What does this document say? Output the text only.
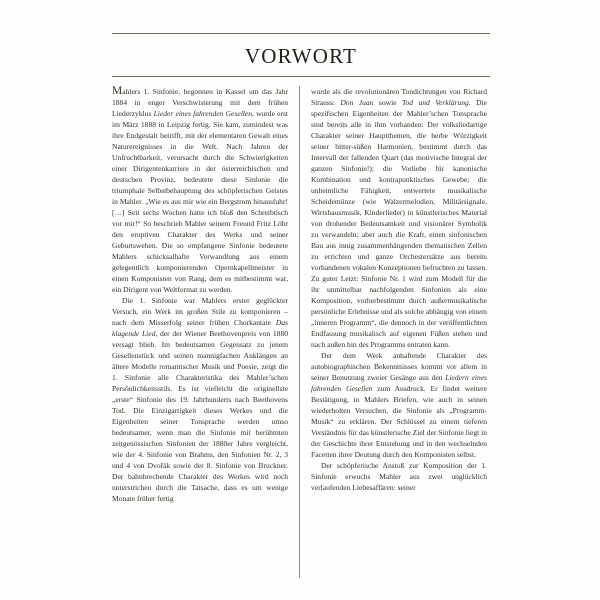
VORWORT

Mahlers 1. Sinfonie, begonnen in Kassel um das Jahr 1884 in enger Verschwisterung mit dem frühen Liederzyklus Lieder eines fahrenden Gesellen, wurde erst im März 1888 in Leipzig fertig. Sie kam, zumindest was ihre Endgestalt betrifft, mit der elementaren Gewalt eines Naturereignisses in die Welt. Nach Jahren der Unfruchtbarkeit, verursacht durch die Schwierigkeiten einer Dirigentenkarriere in der österreichischen und deutschen Provinz, bedeutete diese Sinfonie die triumphale Selbstbehauptung des schöpferischen Geistes in Mahler. „Wie es aus mir wie ein Bergstrom hinausfuhr! […] Seit sechs Wochen hatte ich bloß den Schreibtisch vor mir!“ So beschrieb Mahler seinem Freund Fritz Löhr den eruptiven Charakter des Werks und seiner Geburtswehen. Die so empfangene Sinfonie bedeutete Mahlers schicksalhafte Verwandlung aus einem gelegentlich komponierenden Opernkapellmeister in einen Komponisten von Rang, dem es mitbestimmt war, ein Dirigent von Weltformat zu werden.

Die 1. Sinfonie war Mahlers erster geglückter Versuch, ein Werk im großen Stile zu komponieren – nach dem Misserfolg seiner frühen Chorkantate Das klagende Lied, der der Wiener Beethovenpreis von 1880 versagt blieb. Im bedeutsamen Gegensatz zu jenem Gesellenstück und seinen mannigfachen Anklängen an ältere Modelle romantischer Musik und Poesie, zeigt die 1. Sinfonie alle Charakteristika des Mahler’schen Persönlichkeitsstils. Es ist vielleicht die originellste „erste“ Sinfonie des 19. Jahrhunderts nach Beethovens Tod. Die Einzigartigkeit dieses Werkes und die Eigenheiten seiner Tonsprache werden umso bedeutsamer, wenn man die Sinfonie mit berühmten zeitgenössischen Sinfonien der 1880er Jahre vergleicht, wie der 4. Sinfonie von Brahms, den Sinfonien Nr. 2, 3 und 4 von Dvořák sowie der 8. Sinfonie von Bruckner. Der bahnbrechende Charakter des Werkes wird noch unterstrichen durch die Tatsache, dass es um wenige Monate früher fertig

wurde als die revolutionären Tondichtungen von Richard Strauss: Don Juan sowie Tod und Verklärung. Die spezifischen Eigenheiten der Mahler’schen Tonsprache sind bereits alle in ihm vorhanden: Der volksliedartige Charakter seiner Hauptthemen, die herbe Würzigkeit seiner bitter-süßen Harmonien, bestimmt durch das Intervall der fallenden Quart (das motivische Integral der ganzen Sinfonie!); die Vorliebe für kanonische Kombination und kontrapunktisches Gewebe; die unheimliche Fähigkeit, entwertete musikalische Scheidemünze (wie Walzermelodien, Militärsignale, Wirtshausmusik, Kinderlieder) in künstlerisches Material von drohender Bedeutsamkeit und visionärer Symbolik zu verwandeln; aber auch die Kraft, einen sinfonischen Bau aus innig zusammenhängenden thematischen Zellen zu errichten und ganze Orchestersätze aus bereits vorhandenen vokalen Konzeptionen befruchten zu lassen. Zu guter Letzt: Sinfonie Nr. 1 wird zum Modell für die ihr unmittelbar nachfolgenden Sinfonien als eine Komposition, vorherbestimmt durch außermusikalische persönliche Erlebnisse und als solche abhängig von einem „inneren Programm“, die dennoch in der veröffentlichten Endfassung musikalisch auf eigenen Füßen stehen und nach außen hin des Programms entraten kann.

Der dem Werk anhaftende Charakter des autobiographischen Bekenntnisses kommt vor allem in seiner Benutzung zweier Gesänge aus den Liedern eines fahrenden Gesellen zum Ausdruck. Er findet weitere Bestätigung, in Mahlers Briefen, wie auch in seinen wiederholten Versuchen, die Sinfonie als „Programm-Musik“ zu erklären. Der Schlüssel zu einem tieferen Verständnis für das künstlerische Ziel der Sinfonie liegt in der Geschichte ihrer Entstehung und in den wechselnden Facetten ihrer Deutung durch den Komponisten selbst.

Der schöpferische Anstoß zur Komposition der 1. Sinfonie erwuchs Mahler aus zwei unglücklich verlaufenden Liebesaffären: seiner
